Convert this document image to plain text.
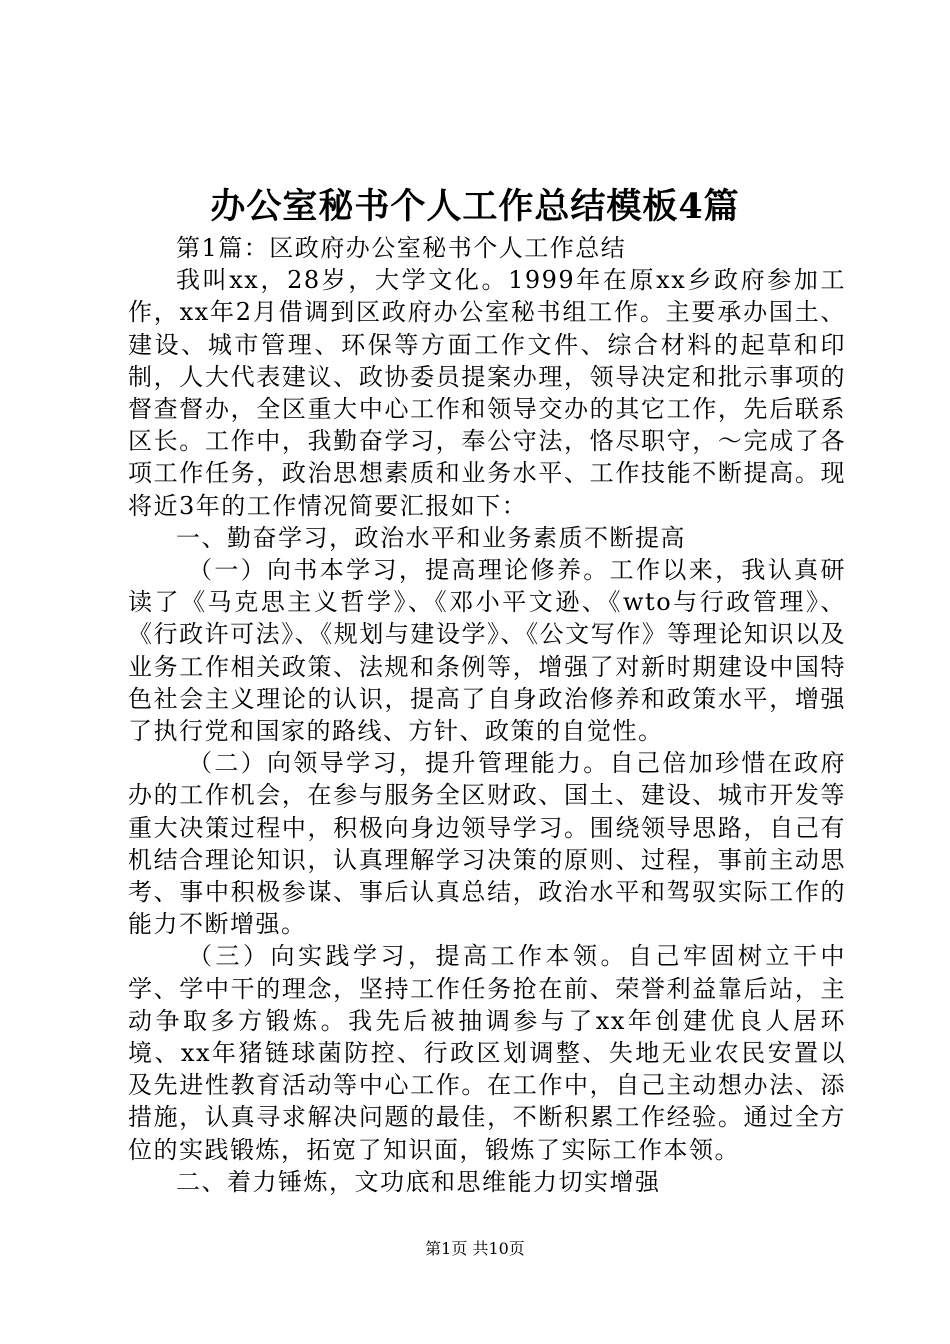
办公室秘书个人工作总结模板4篇

第1篇：区政府办公室秘书个人工作总结

我叫xx，28岁，大学文化。1999年在原xx乡政府参加工作，xx年2月借调到区政府办公室秘书组工作。主要承办国土、建设、城市管理、环保等方面工作文件、综合材料的起草和印制，人大代表建议、政协委员提案办理，领导决定和批示事项的督查督办，全区重大中心工作和领导交办的其它工作，先后联系区长。工作中，我勤奋学习，奉公守法，恪尽职守，～完成了各项工作任务，政治思想素质和业务水平、工作技能不断提高。现将近3年的工作情况简要汇报如下：

一、勤奋学习，政治水平和业务素质不断提高

（一）向书本学习，提高理论修养。工作以来，我认真研读了《马克思主义哲学》、《邓小平文逊、《wto与行政管理》、《行政许可法》、《规划与建设学》、《公文写作》等理论知识以及业务工作相关政策、法规和条例等，增强了对新时期建设中国特色社会主义理论的认识，提高了自身政治修养和政策水平，增强了执行党和国家的路线、方针、政策的自觉性。

（二）向领导学习，提升管理能力。自己倍加珍惜在政府办的工作机会，在参与服务全区财政、国土、建设、城市开发等重大决策过程中，积极向身边领导学习。围绕领导思路，自己有机结合理论知识，认真理解学习决策的原则、过程，事前主动思考、事中积极参谋、事后认真总结，政治水平和驾驭实际工作的能力不断增强。

（三）向实践学习，提高工作本领。自己牢固树立干中学、学中干的理念，坚持工作任务抢在前、荣誉利益靠后站，主动争取多方锻炼。我先后被抽调参与了xx年创建优良人居环境、xx年猪链球菌防控、行政区划调整、失地无业农民安置以及先进性教育活动等中心工作。在工作中，自己主动想办法、添措施，认真寻求解决问题的最佳，不断积累工作经验。通过全方位的实践锻炼，拓宽了知识面，锻炼了实际工作本领。

二、着力锤炼，文功底和思维能力切实增强

第1页 共10页
